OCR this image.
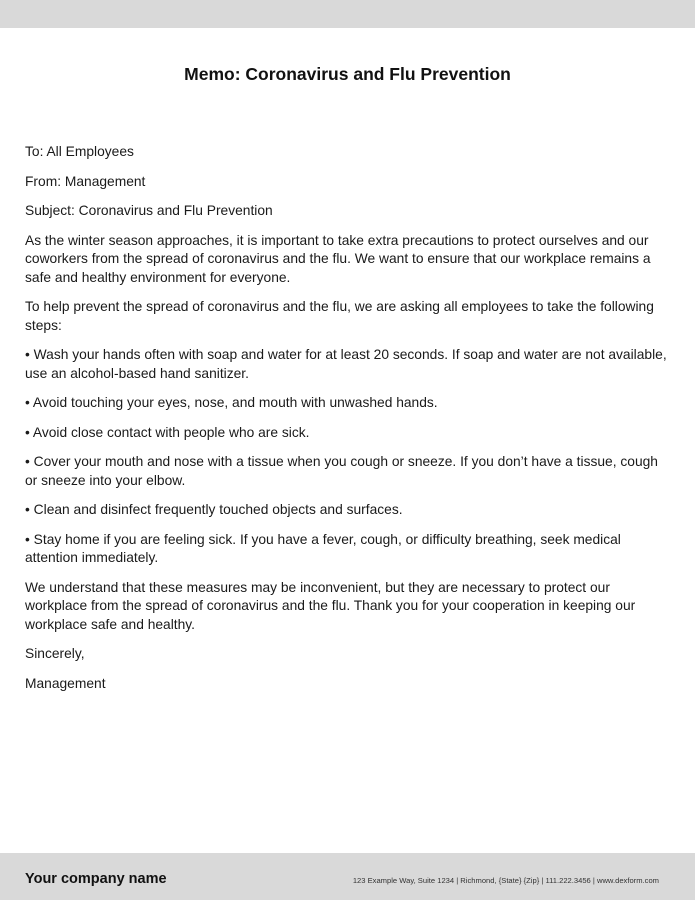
Memo: Coronavirus and Flu Prevention

To: All Employees

From: Management

Subject: Coronavirus and Flu Prevention

As the winter season approaches, it is important to take extra precautions to protect ourselves and our coworkers from the spread of coronavirus and the flu. We want to ensure that our workplace remains a safe and healthy environment for everyone.

To help prevent the spread of coronavirus and the flu, we are asking all employees to take the following steps:

• Wash your hands often with soap and water for at least 20 seconds. If soap and water are not available, use an alcohol-based hand sanitizer.

• Avoid touching your eyes, nose, and mouth with unwashed hands.

• Avoid close contact with people who are sick.

• Cover your mouth and nose with a tissue when you cough or sneeze. If you don’t have a tissue, cough or sneeze into your elbow.

• Clean and disinfect frequently touched objects and surfaces.

• Stay home if you are feeling sick. If you have a fever, cough, or difficulty breathing, seek medical attention immediately.

We understand that these measures may be inconvenient, but they are necessary to protect our workplace from the spread of coronavirus and the flu. Thank you for your cooperation in keeping our workplace safe and healthy.

Sincerely,

Management

Your company name	123 Example Way, Suite 1234 | Richmond, {State} {Zip} | 111.222.3456 | www.dexform.com
